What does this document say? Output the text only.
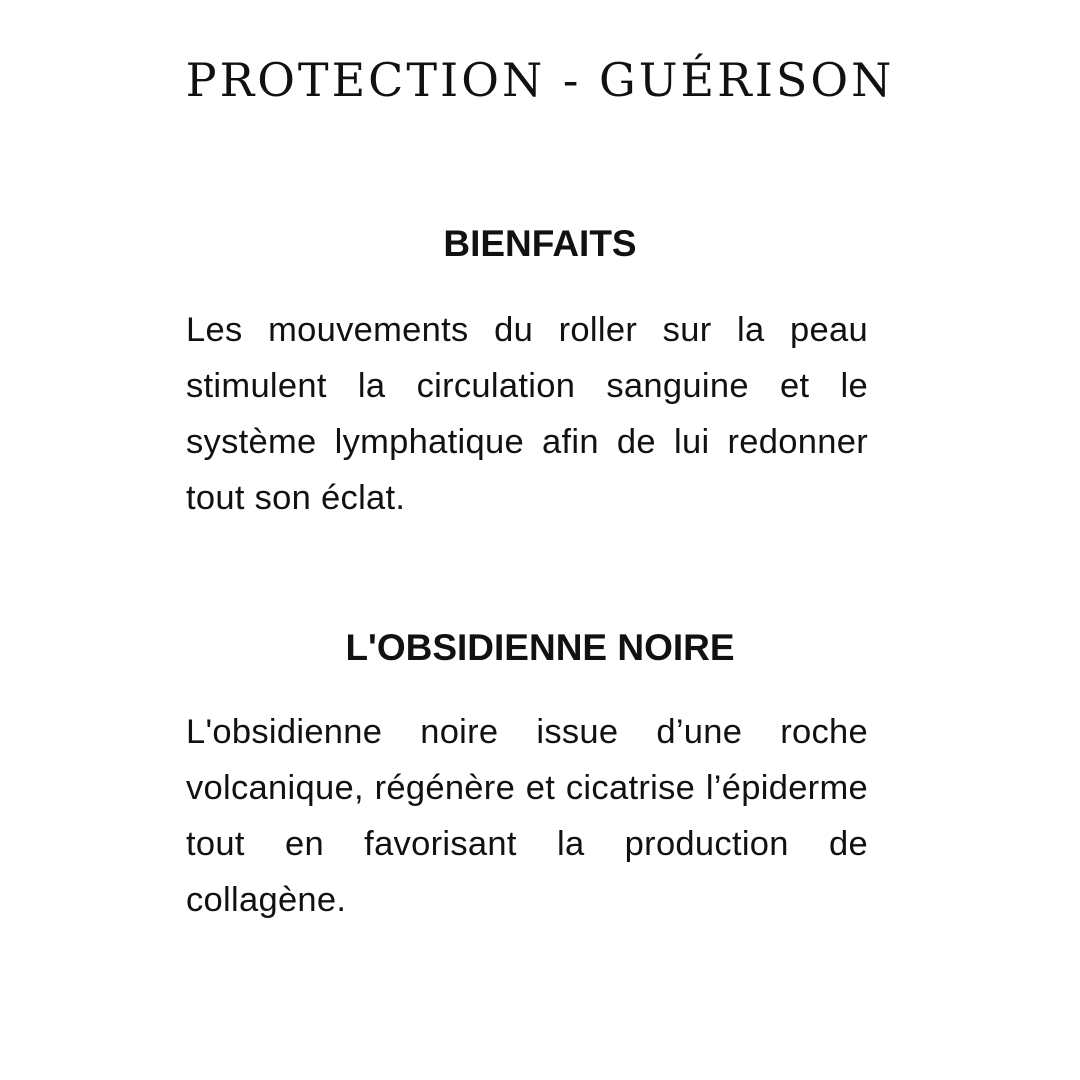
PROTECTION - GUÉRISON
BIENFAITS

Les mouvements du roller sur la peau stimulent la circulation sanguine et le système lymphatique afin de lui redonner tout son éclat.

L'OBSIDIENNE NOIRE

L'obsidienne noire issue d’une roche volcanique, régénère et cicatrise l’épiderme tout en favorisant la production de collagène.
